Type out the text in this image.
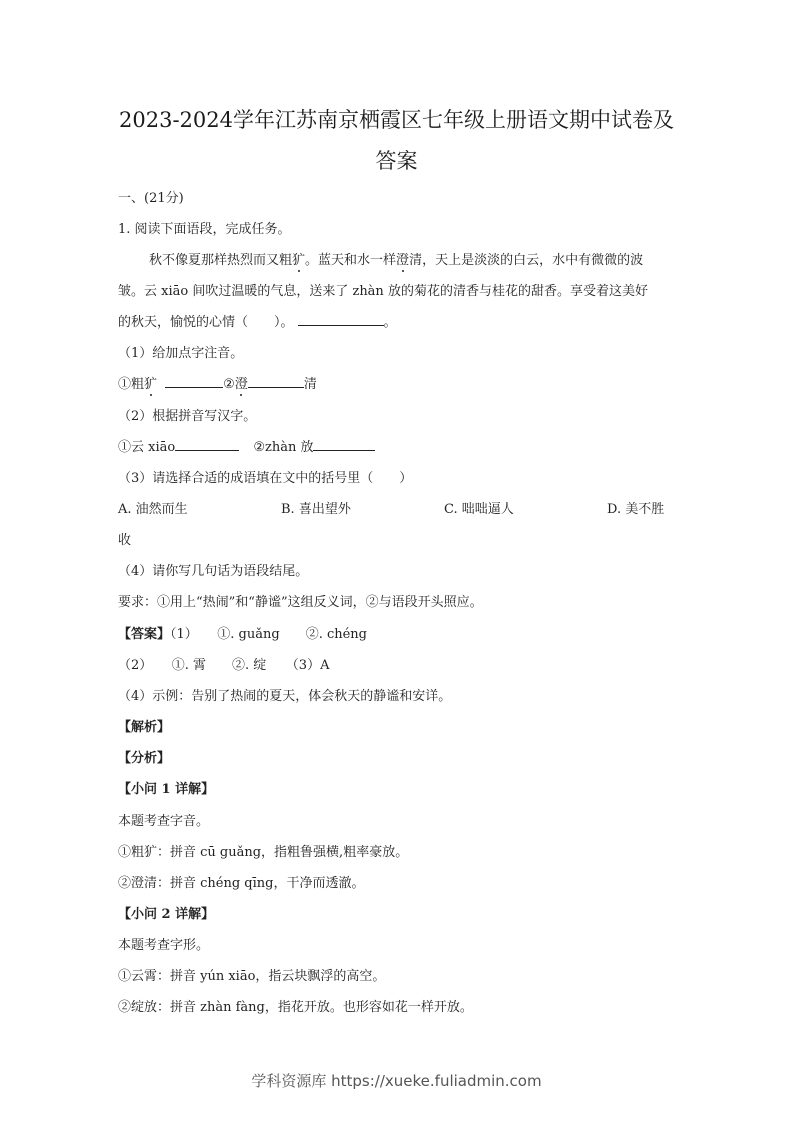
2023-2024学年江苏南京栖霞区七年级上册语文期中试卷及
答案
一、(21分)
1. 阅读下面语段，完成任务。
秋不像夏那样热烈而又粗犷。蓝天和水一样澄清，天上是淡淡的白云，水中有微微的波
皱。云 xiāo 间吹过温暖的气息，送来了 zhàn 放的菊花的清香与桂花的甜香。享受着这美好
的秋天，愉悦的心情（　　）。	。
（1）给加点字注音。
①粗犷	②澄	清
（2）根据拼音写汉字。
①云 xiāo	②zhàn 放
（3）请选择合适的成语填在文中的括号里（　　）
A. 油然而生	B. 喜出望外	C. 咄咄逼人	D. 美不胜
收
（4）请你写几句话为语段结尾。
要求：①用上“热闹”和“静谧”这组反义词，②与语段开头照应。
【答案】（1）　　①. guǎng　　②. chéng
（2）　　①. 霄　　②. 绽　　（3）A
（4）示例：告别了热闹的夏天，体会秋天的静谧和安详。
【解析】
【分析】
【小问 1 详解】
本题考查字音。
①粗犷：拼音 cū guǎng，指粗鲁强横,粗率豪放。
②澄清：拼音 chéng qīng，干净而透澈。
【小问 2 详解】
本题考查字形。
①云霄：拼音 yún xiāo，指云块飘浮的高空。
②绽放：拼音 zhàn fàng，指花开放。也形容如花一样开放。
学科资源库 https://xueke.fuliadmin.com
